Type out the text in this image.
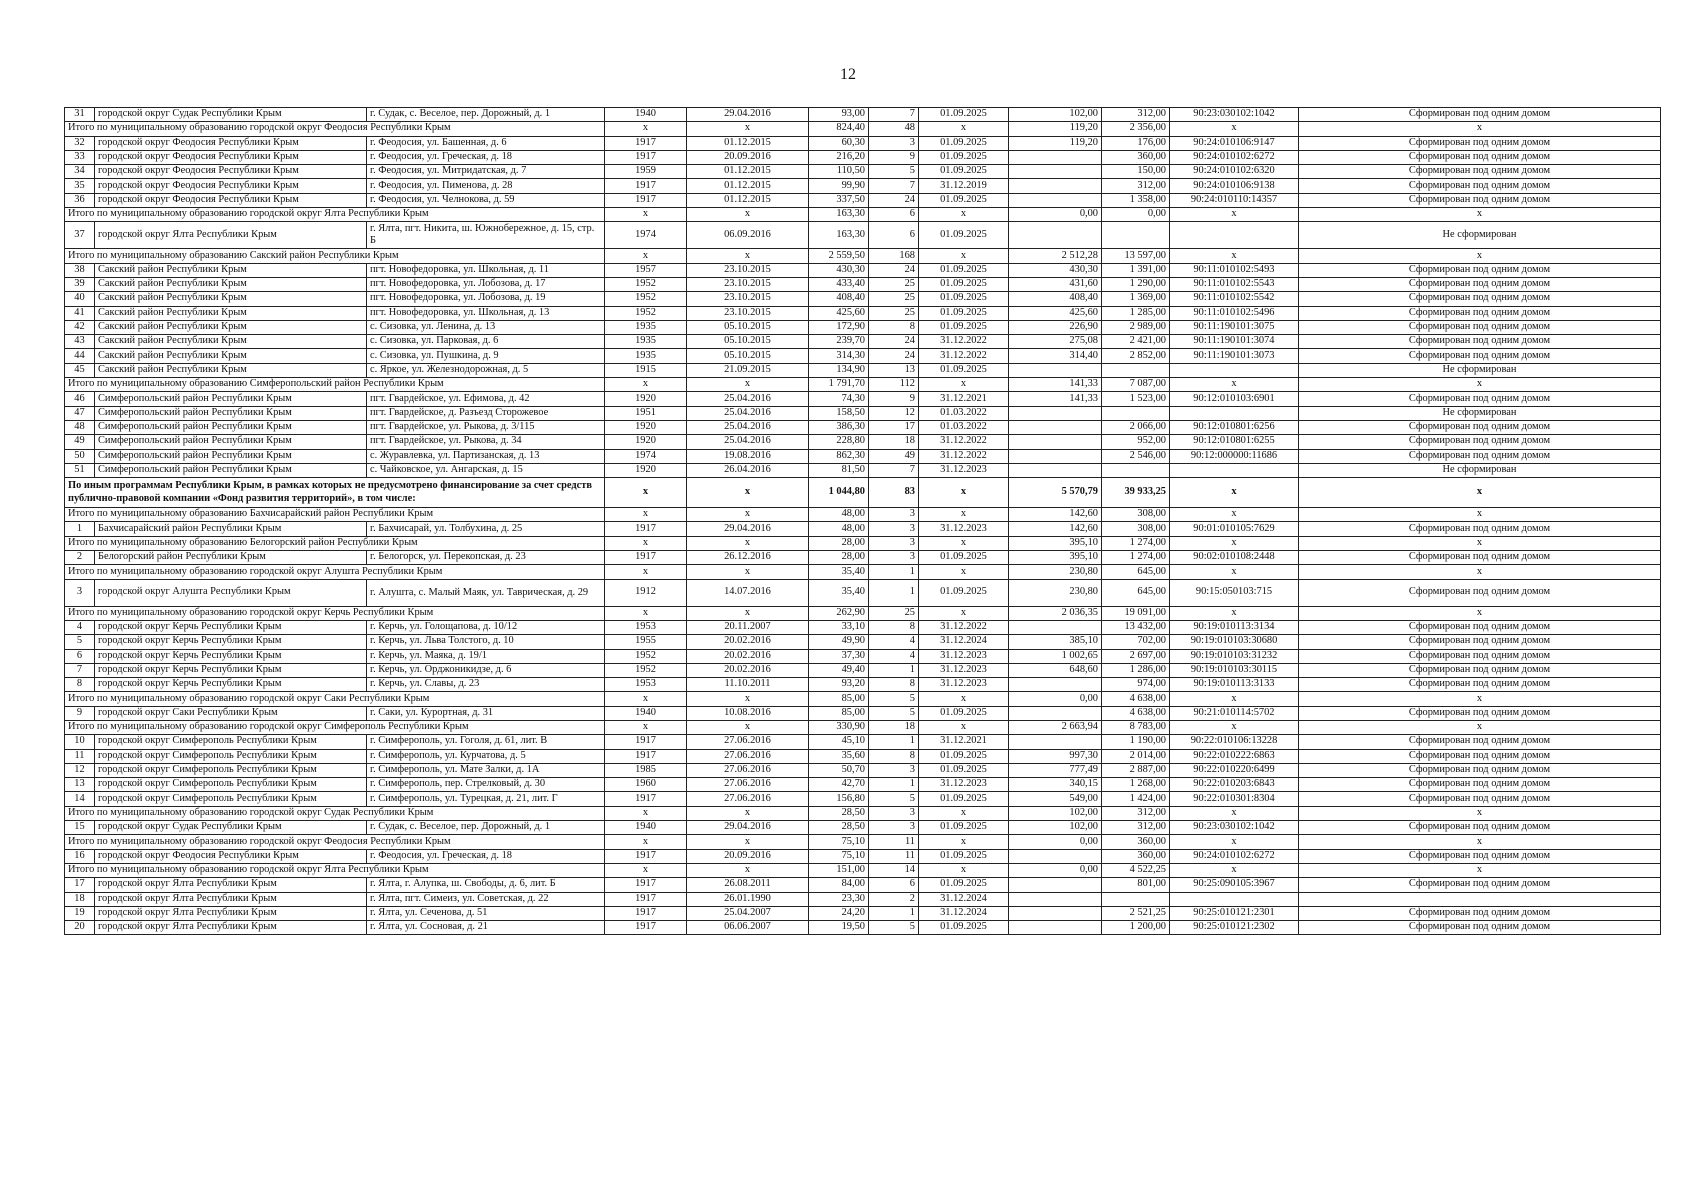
12
31	городской округ Судак Республики Крым	г. Судак, с. Веселое, пер. Дорожный, д. 1	1940	29.04.2016	93,00	7	01.09.2025	102,00	312,00	90:23:030102:1042	Сформирован под одним домом
Итого по муниципальному образованию городской округ Феодосия Республики Крым			х	х	824,40	48	х	119,20	2 356,00	х	х
32	городской округ Феодосия Республики Крым	г. Феодосия, ул. Башенная, д. 6	1917	01.12.2015	60,30	3	01.09.2025	119,20	176,00	90:24:010106:9147	Сформирован под одним домом
33	городской округ Феодосия Республики Крым	г. Феодосия, ул. Греческая, д. 18	1917	20.09.2016	216,20	9	01.09.2025		360,00	90:24:010102:6272	Сформирован под одним домом
34	городской округ Феодосия Республики Крым	г. Феодосия, ул. Митридатская, д. 7	1959	01.12.2015	110,50	5	01.09.2025		150,00	90:24:010102:6320	Сформирован под одним домом
35	городской округ Феодосия Республики Крым	г. Феодосия, ул. Пименова, д. 28	1917	01.12.2015	99,90	7	31.12.2019		312,00	90:24:010106:9138	Сформирован под одним домом
36	городской округ Феодосия Республики Крым	г. Феодосия, ул. Челнокова, д. 59	1917	01.12.2015	337,50	24	01.09.2025		1 358,00	90:24:010110:14357	Сформирован под одним домом
Итого по муниципальному образованию городской округ Ялта Республики Крым			х	х	163,30	6	х	0,00	0,00	х	х
37	городской округ Ялта Республики Крым	г. Ялта, пгт. Никита, ш. Южнобережное, д. 15, стр. Б	1974	06.09.2016	163,30	6	01.09.2025				Не сформирован
Итого по муниципальному образованию Сакский район Республики Крым			х	х	2 559,50	168	х	2 512,28	13 597,00	х	х
38	Сакский район Республики Крым	пгт. Новофедоровка, ул. Школьная, д. 11	1957	23.10.2015	430,30	24	01.09.2025	430,30	1 391,00	90:11:010102:5493	Сформирован под одним домом
39	Сакский район Республики Крым	пгт. Новофедоровка, ул. Лобозова, д. 17	1952	23.10.2015	433,40	25	01.09.2025	431,60	1 290,00	90:11:010102:5543	Сформирован под одним домом
40	Сакский район Республики Крым	пгт. Новофедоровка, ул. Лобозова, д. 19	1952	23.10.2015	408,40	25	01.09.2025	408,40	1 369,00	90:11:010102:5542	Сформирован под одним домом
41	Сакский район Республики Крым	пгт. Новофедоровка, ул. Школьная, д. 13	1952	23.10.2015	425,60	25	01.09.2025	425,60	1 285,00	90:11:010102:5496	Сформирован под одним домом
42	Сакский район Республики Крым	с. Сизовка, ул. Ленина, д. 13	1935	05.10.2015	172,90	8	01.09.2025	226,90	2 989,00	90:11:190101:3075	Сформирован под одним домом
43	Сакский район Республики Крым	с. Сизовка, ул. Парковая, д. 6	1935	05.10.2015	239,70	24	31.12.2022	275,08	2 421,00	90:11:190101:3074	Сформирован под одним домом
44	Сакский район Республики Крым	с. Сизовка, ул. Пушкина, д. 9	1935	05.10.2015	314,30	24	31.12.2022	314,40	2 852,00	90:11:190101:3073	Сформирован под одним домом
45	Сакский район Республики Крым	с. Яркое, ул. Железнодорожная, д. 5	1915	21.09.2015	134,90	13	01.09.2025				Не сформирован
Итого по муниципальному образованию Симферопольский район Республики Крым			х	х	1 791,70	112	х	141,33	7 087,00	х	х
46	Симферопольский район Республики Крым	пгт. Гвардейское, ул. Ефимова, д. 42	1920	25.04.2016	74,30	9	31.12.2021	141,33	1 523,00	90:12:010103:6901	Сформирован под одним домом
47	Симферопольский район Республики Крым	пгт. Гвардейское, д. Разъезд Сторожевое	1951	25.04.2016	158,50	12	01.03.2022				Не сформирован
48	Симферопольский район Республики Крым	пгт. Гвардейское, ул. Рыкова, д. 3/115	1920	25.04.2016	386,30	17	01.03.2022		2 066,00	90:12:010801:6256	Сформирован под одним домом
49	Симферопольский район Республики Крым	пгт. Гвардейское, ул. Рыкова, д. 34	1920	25.04.2016	228,80	18	31.12.2022		952,00	90:12:010801:6255	Сформирован под одним домом
50	Симферопольский район Республики Крым	с. Журавлевка, ул. Партизанская, д. 13	1974	19.08.2016	862,30	49	31.12.2022		2 546,00	90:12:000000:11686	Сформирован под одним домом
51	Симферопольский район Республики Крым	с. Чайковское, ул. Ангарская, д. 15	1920	26.04.2016	81,50	7	31.12.2023				Не сформирован
По иным программам Республики Крым, в рамках которых не предусмотрено финансирование за счет средств публично-правовой компании «Фонд развития территорий», в том числе:			х	х	1 044,80	83	х	5 570,79	39 933,25	х	х
Итого по муниципальному образованию Бахчисарайский район Республики Крым			х	х	48,00	3	х	142,60	308,00	х	х
1	Бахчисарайский район Республики Крым	г. Бахчисарай, ул. Толбухина, д. 25	1917	29.04.2016	48,00	3	31.12.2023	142,60	308,00	90:01:010105:7629	Сформирован под одним домом
Итого по муниципальному образованию Белогорский район Республики Крым			х	х	28,00	3	х	395,10	1 274,00	х	х
2	Белогорский район Республики Крым	г. Белогорск, ул. Перекопская, д. 23	1917	26.12.2016	28,00	3	01.09.2025	395,10	1 274,00	90:02:010108:2448	Сформирован под одним домом
Итого по муниципальному образованию городской округ Алушта Республики Крым			х	х	35,40	1	х	230,80	645,00	х	х
3	городской округ Алушта Республики Крым	г. Алушта, с. Малый Маяк, ул. Таврическая, д. 29	1912	14.07.2016	35,40	1	01.09.2025	230,80	645,00	90:15:050103:715	Сформирован под одним домом
Итого по муниципальному образованию городской округ Керчь Республики Крым			х	х	262,90	25	х	2 036,35	19 091,00	х	х
4	городской округ Керчь Республики Крым	г. Керчь, ул. Голощапова, д. 10/12	1953	20.11.2007	33,10	8	31.12.2022		13 432,00	90:19:010113:3134	Сформирован под одним домом
5	городской округ Керчь Республики Крым	г. Керчь, ул. Льва Толстого, д. 10	1955	20.02.2016	49,90	4	31.12.2024	385,10	702,00	90:19:010103:30680	Сформирован под одним домом
6	городской округ Керчь Республики Крым	г. Керчь, ул. Маяка, д. 19/1	1952	20.02.2016	37,30	4	31.12.2023	1 002,65	2 697,00	90:19:010103:31232	Сформирован под одним домом
7	городской округ Керчь Республики Крым	г. Керчь, ул. Орджоникидзе, д. 6	1952	20.02.2016	49,40	1	31.12.2023	648,60	1 286,00	90:19:010103:30115	Сформирован под одним домом
8	городской округ Керчь Республики Крым	г. Керчь, ул. Славы, д. 23	1953	11.10.2011	93,20	8	31.12.2023		974,00	90:19:010113:3133	Сформирован под одним домом
Итого по муниципальному образованию городской округ Саки Республики Крым			х	х	85,00	5	х	0,00	4 638,00	х	х
9	городской округ Саки Республики Крым	г. Саки, ул. Курортная, д. 31	1940	10.08.2016	85,00	5	01.09.2025		4 638,00	90:21:010114:5702	Сформирован под одним домом
Итого по муниципальному образованию городской округ Симферополь Республики Крым			х	х	330,90	18	х	2 663,94	8 783,00	х	х
10	городской округ Симферополь Республики Крым	г. Симферополь, ул. Гоголя, д. 61, лит. В	1917	27.06.2016	45,10	1	31.12.2021		1 190,00	90:22:010106:13228	Сформирован под одним домом
11	городской округ Симферополь Республики Крым	г. Симферополь, ул. Курчатова, д. 5	1917	27.06.2016	35,60	8	01.09.2025	997,30	2 014,00	90:22:010222:6863	Сформирован под одним домом
12	городской округ Симферополь Республики Крым	г. Симферополь, ул. Мате Залки, д. 1А	1985	27.06.2016	50,70	3	01.09.2025	777,49	2 887,00	90:22:010220:6499	Сформирован под одним домом
13	городской округ Симферополь Республики Крым	г. Симферополь, пер. Стрелковый, д. 30	1960	27.06.2016	42,70	1	31.12.2023	340,15	1 268,00	90:22:010203:6843	Сформирован под одним домом
14	городской округ Симферополь Республики Крым	г. Симферополь, ул. Турецкая, д. 21, лит. Г	1917	27.06.2016	156,80	5	01.09.2025	549,00	1 424,00	90:22:010301:8304	Сформирован под одним домом
Итого по муниципальному образованию городской округ Судак Республики Крым			х	х	28,50	3	х	102,00	312,00	х	х
15	городской округ Судак Республики Крым	г. Судак, с. Веселое, пер. Дорожный, д. 1	1940	29.04.2016	28,50	3	01.09.2025	102,00	312,00	90:23:030102:1042	Сформирован под одним домом
Итого по муниципальному образованию городской округ Феодосия Республики Крым			х	х	75,10	11	х	0,00	360,00	х	х
16	городской округ Феодосия Республики Крым	г. Феодосия, ул. Греческая, д. 18	1917	20.09.2016	75,10	11	01.09.2025		360,00	90:24:010102:6272	Сформирован под одним домом
Итого по муниципальному образованию городской округ Ялта Республики Крым			х	х	151,00	14	х	0,00	4 522,25	х	х
17	городской округ Ялта Республики Крым	г. Ялта, г. Алупка, ш. Свободы, д. 6, лит. Б	1917	26.08.2011	84,00	6	01.09.2025		801,00	90:25:090105:3967	Сформирован под одним домом
18	городской округ Ялта Республики Крым	г. Ялта, пгт. Симеиз, ул. Советская, д. 22	1917	26.01.1990	23,30	2	31.12.2024				
19	городской округ Ялта Республики Крым	г. Ялта, ул. Сеченова, д. 51	1917	25.04.2007	24,20	1	31.12.2024		2 521,25	90:25:010121:2301	Сформирован под одним домом
20	городской округ Ялта Республики Крым	г. Ялта, ул. Сосновая, д. 21	1917	06.06.2007	19,50	5	01.09.2025		1 200,00	90:25:010121:2302	Сформирован под одним домом
